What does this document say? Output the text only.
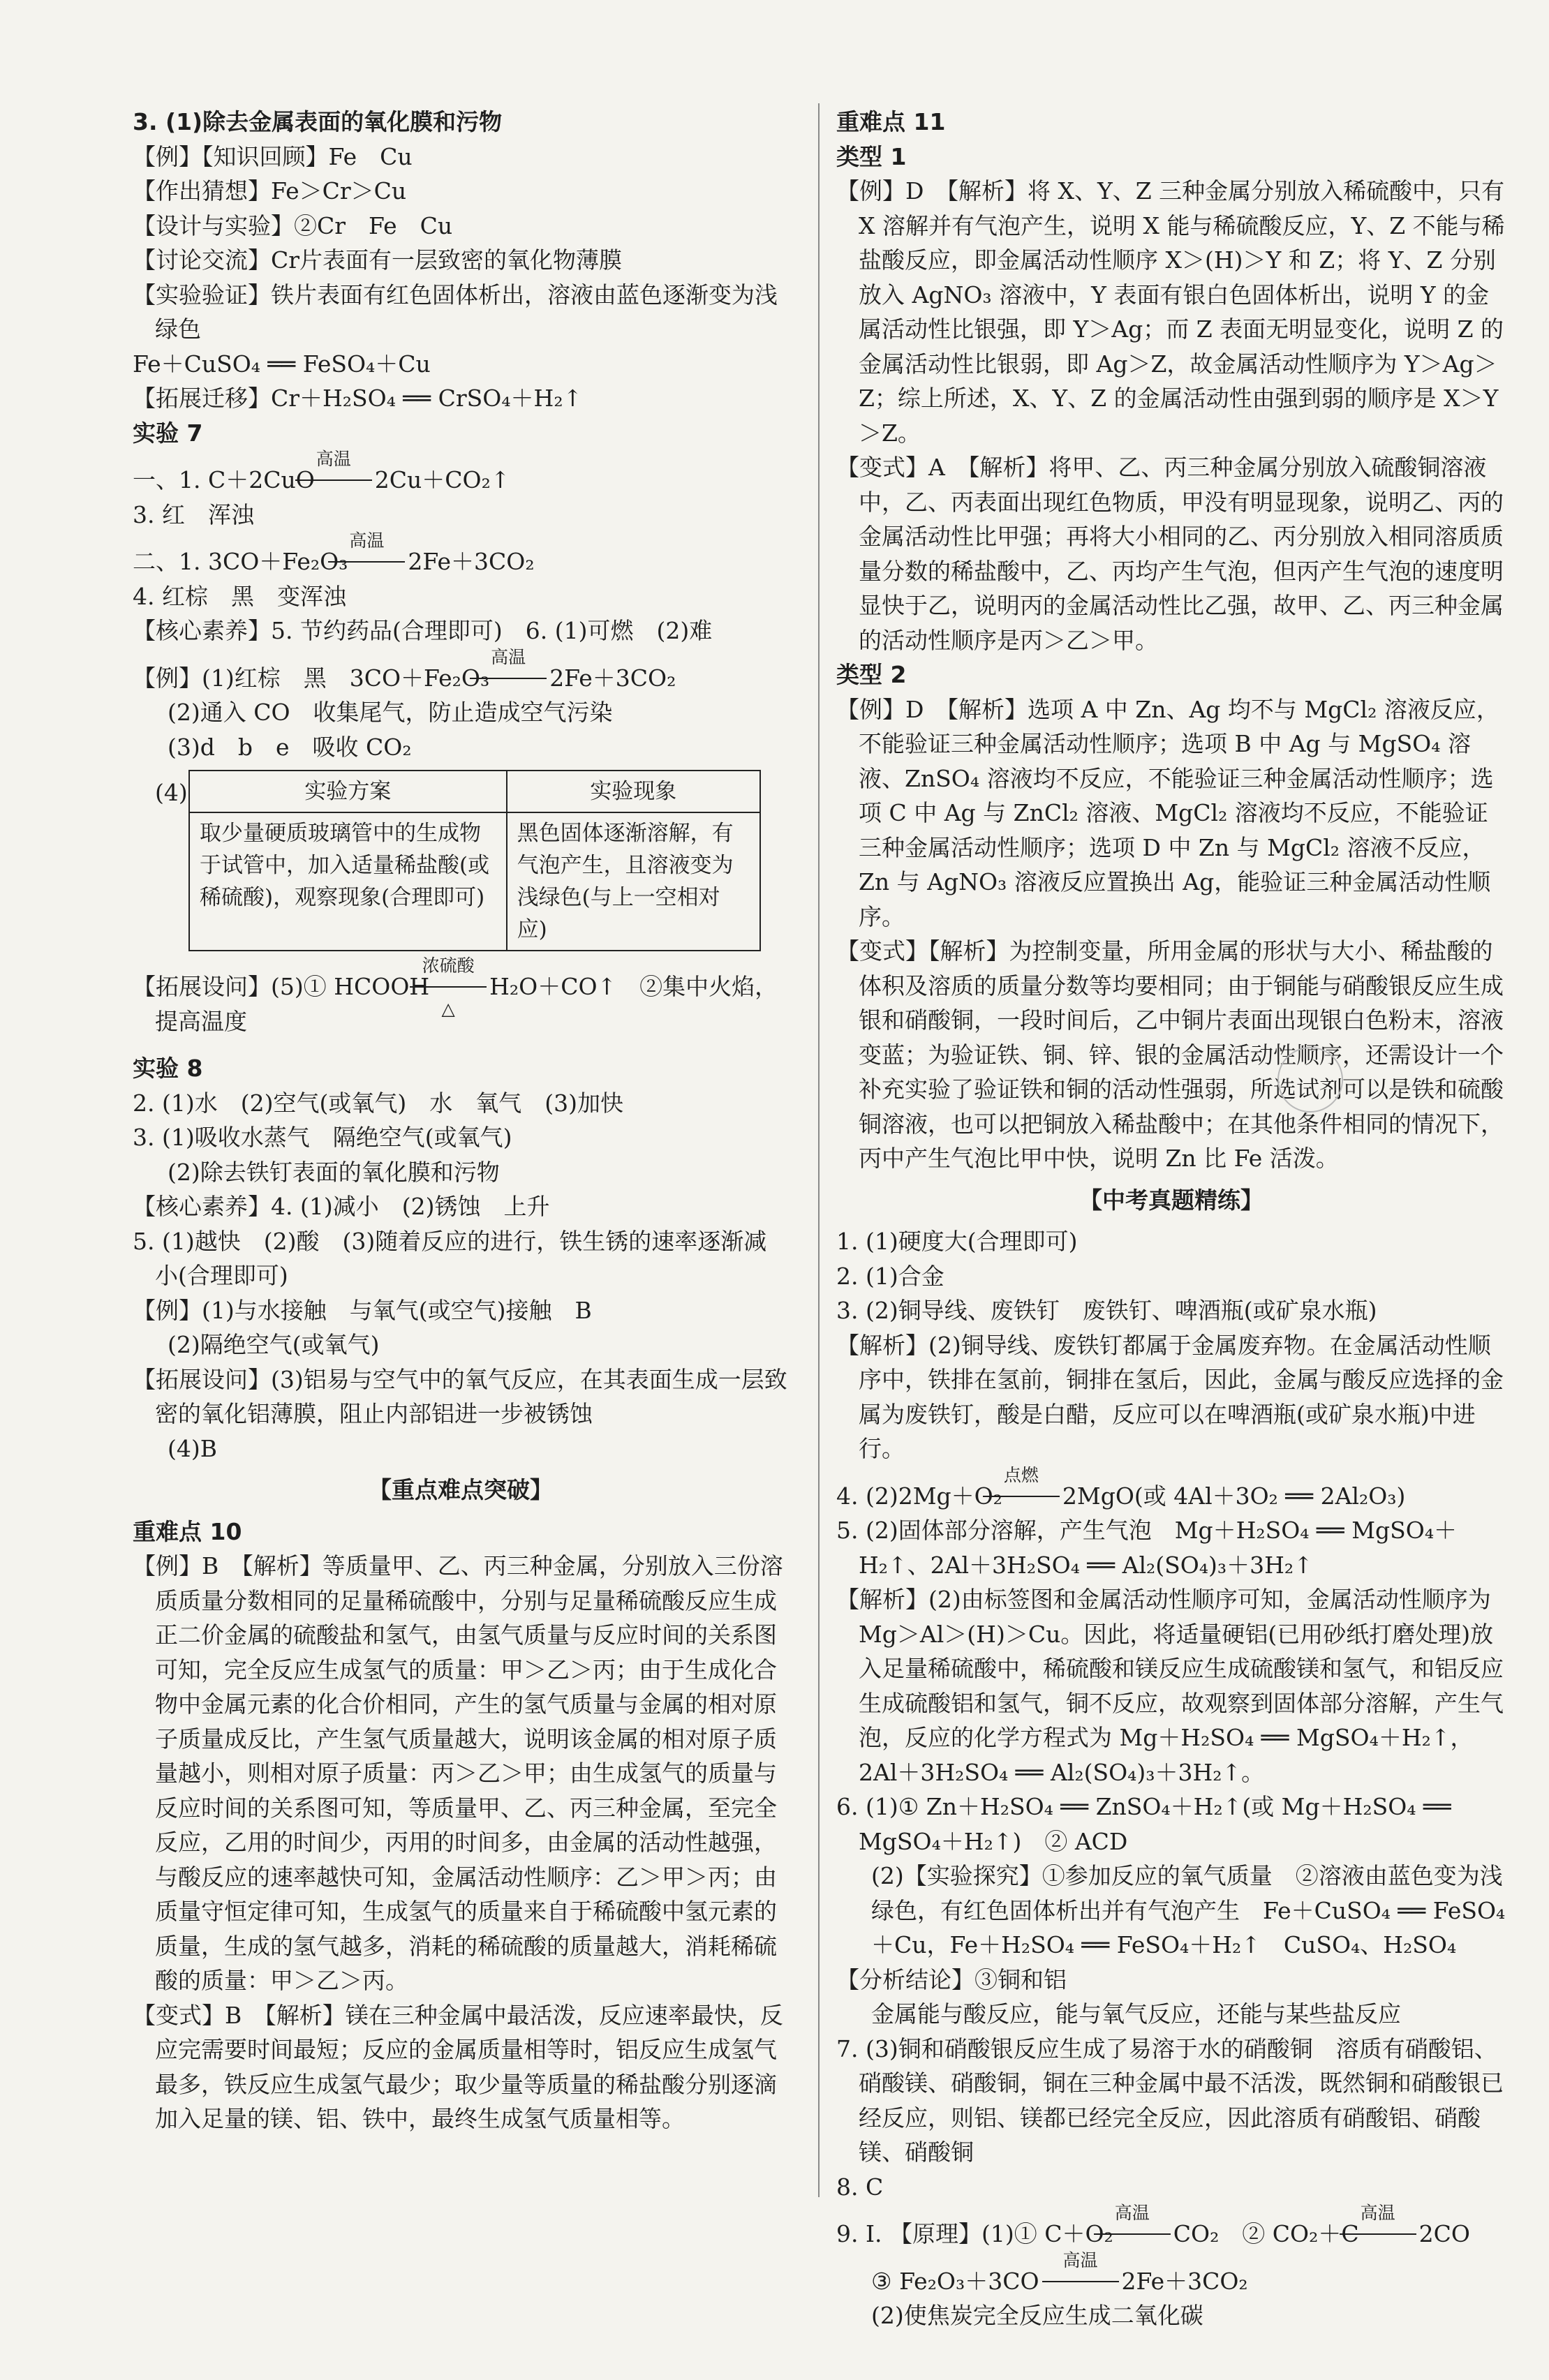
3. (1)除去金属表面的氧化膜和污物

【例】【知识回顾】Fe　Cu

【作出猜想】Fe＞Cr＞Cu

【设计与实验】②Cr　Fe　Cu

【讨论交流】Cr片表面有一层致密的氧化物薄膜

【实验验证】铁片表面有红色固体析出，溶液由蓝色逐渐变为浅绿色

Fe＋CuSO₄ ══ FeSO₄＋Cu

【拓展迁移】Cr＋H₂SO₄ ══ CrSO₄＋H₂↑

实验 7

一、1. C＋2CuO
高温
2Cu＋CO₂↑

3. 红　浑浊

二、1. 3CO＋Fe₂O₃
高温
2Fe＋3CO₂

4. 红棕　黑　变浑浊

【核心素养】5. 节约药品(合理即可)　6. (1)可燃　(2)难

【例】(1)红棕　黑　3CO＋Fe₂O₃
高温
2Fe＋3CO₂

(2)通入 CO　收集尾气，防止造成空气污染

(3)d　b　e　吸收 CO₂

(4)	实验方案	实验现象
取少量硬质玻璃管中的生成物于试管中，加入适量稀盐酸(或稀硫酸)，观察现象(合理即可)	黑色固体逐渐溶解，有气泡产生，且溶液变为浅绿色(与上一空相对应)

【拓展设问】(5)① HCOOH
浓硫酸
△
H₂O＋CO↑　②集中火焰，提高温度

实验 8

2. (1)水　(2)空气(或氧气)　水　氧气　(3)加快

3. (1)吸收水蒸气　隔绝空气(或氧气)

(2)除去铁钉表面的氧化膜和污物

【核心素养】4. (1)减小　(2)锈蚀　上升

5. (1)越快　(2)酸　(3)随着反应的进行，铁生锈的速率逐渐减小(合理即可)

【例】(1)与水接触　与氧气(或空气)接触　B

(2)隔绝空气(或氧气)

【拓展设问】(3)铝易与空气中的氧气反应，在其表面生成一层致密的氧化铝薄膜，阻止内部铝进一步被锈蚀

(4)B

【重点难点突破】

重难点 10

【例】B　【解析】等质量甲、乙、丙三种金属，分别放入三份溶质质量分数相同的足量稀硫酸中，分别与足量稀硫酸反应生成正二价金属的硫酸盐和氢气，由氢气质量与反应时间的关系图可知，完全反应生成氢气的质量：甲＞乙＞丙；由于生成化合物中金属元素的化合价相同，产生的氢气质量与金属的相对原子质量成反比，产生氢气质量越大，说明该金属的相对原子质量越小，则相对原子质量：丙＞乙＞甲；由生成氢气的质量与反应时间的关系图可知，等质量甲、乙、丙三种金属，至完全反应，乙用的时间少，丙用的时间多，由金属的活动性越强，与酸反应的速率越快可知，金属活动性顺序：乙＞甲＞丙；由质量守恒定律可知，生成氢气的质量来自于稀硫酸中氢元素的质量，生成的氢气越多，消耗的稀硫酸的质量越大，消耗稀硫酸的质量：甲＞乙＞丙。

【变式】B　【解析】镁在三种金属中最活泼，反应速率最快，反应完需要时间最短；反应的金属质量相等时，铝反应生成氢气最多，铁反应生成氢气最少；取少量等质量的稀盐酸分别逐滴加入足量的镁、铝、铁中，最终生成氢气质量相等。

重难点 11

类型 1

【例】D　【解析】将 X、Y、Z 三种金属分别放入稀硫酸中，只有 X 溶解并有气泡产生，说明 X 能与稀硫酸反应，Y、Z 不能与稀盐酸反应，即金属活动性顺序 X＞(H)＞Y 和 Z；将 Y、Z 分别放入 AgNO₃ 溶液中，Y 表面有银白色固体析出，说明 Y 的金属活动性比银强，即 Y＞Ag；而 Z 表面无明显变化，说明 Z 的金属活动性比银弱，即 Ag＞Z，故金属活动性顺序为 Y＞Ag＞Z；综上所述，X、Y、Z 的金属活动性由强到弱的顺序是 X＞Y＞Z。

【变式】A　【解析】将甲、乙、丙三种金属分别放入硫酸铜溶液中，乙、丙表面出现红色物质，甲没有明显现象，说明乙、丙的金属活动性比甲强；再将大小相同的乙、丙分别放入相同溶质质量分数的稀盐酸中，乙、丙均产生气泡，但丙产生气泡的速度明显快于乙，说明丙的金属活动性比乙强，故甲、乙、丙三种金属的活动性顺序是丙＞乙＞甲。

类型 2

【例】D　【解析】选项 A 中 Zn、Ag 均不与 MgCl₂ 溶液反应，不能验证三种金属活动性顺序；选项 B 中 Ag 与 MgSO₄ 溶液、ZnSO₄ 溶液均不反应，不能验证三种金属活动性顺序；选项 C 中 Ag 与 ZnCl₂ 溶液、MgCl₂ 溶液均不反应，不能验证三种金属活动性顺序；选项 D 中 Zn 与 MgCl₂ 溶液不反应，Zn 与 AgNO₃ 溶液反应置换出 Ag，能验证三种金属活动性顺序。

【变式】【解析】为控制变量，所用金属的形状与大小、稀盐酸的体积及溶质的质量分数等均要相同；由于铜能与硝酸银反应生成银和硝酸铜，一段时间后，乙中铜片表面出现银白色粉末，溶液变蓝；为验证铁、铜、锌、银的金属活动性顺序，还需设计一个补充实验了验证铁和铜的活动性强弱，所选试剂可以是铁和硫酸铜溶液，也可以把铜放入稀盐酸中；在其他条件相同的情况下，丙中产生气泡比甲中快，说明 Zn 比 Fe 活泼。

【中考真题精练】

1. (1)硬度大(合理即可)

2. (1)合金

3. (2)铜导线、废铁钉　废铁钉、啤酒瓶(或矿泉水瓶)

【解析】(2)铜导线、废铁钉都属于金属废弃物。在金属活动性顺序中，铁排在氢前，铜排在氢后，因此，金属与酸反应选择的金属为废铁钉，酸是白醋，反应可以在啤酒瓶(或矿泉水瓶)中进行。

4. (2)2Mg＋O₂
点燃
2MgO(或 4Al＋3O₂ ══ 2Al₂O₃)

5. (2)固体部分溶解，产生气泡　Mg＋H₂SO₄ ══ MgSO₄＋H₂↑、2Al＋3H₂SO₄ ══ Al₂(SO₄)₃＋3H₂↑

【解析】(2)由标签图和金属活动性顺序可知，金属活动性顺序为 Mg＞Al＞(H)＞Cu。因此，将适量硬铝(已用砂纸打磨处理)放入足量稀硫酸中，稀硫酸和镁反应生成硫酸镁和氢气，和铝反应生成硫酸铝和氢气，铜不反应，故观察到固体部分溶解，产生气泡，反应的化学方程式为 Mg＋H₂SO₄ ══ MgSO₄＋H₂↑，2Al＋3H₂SO₄ ══ Al₂(SO₄)₃＋3H₂↑。

6. (1)① Zn＋H₂SO₄ ══ ZnSO₄＋H₂↑(或 Mg＋H₂SO₄ ══ MgSO₄＋H₂↑)　② ACD

(2)【实验探究】①参加反应的氧气质量　②溶液由蓝色变为浅绿色，有红色固体析出并有气泡产生　Fe＋CuSO₄ ══ FeSO₄＋Cu，Fe＋H₂SO₄ ══ FeSO₄＋H₂↑　CuSO₄、H₂SO₄

【分析结论】③铜和铝

金属能与酸反应，能与氧气反应，还能与某些盐反应

7. (3)铜和硝酸银反应生成了易溶于水的硝酸铜　溶质有硝酸铝、硝酸镁、硝酸铜，铜在三种金属中最不活泼，既然铜和硝酸银已经反应，则铝、镁都已经完全反应，因此溶质有硝酸铝、硝酸镁、硝酸铜

8. C

9. Ⅰ. 【原理】(1)① C＋O₂
高温
CO₂　② CO₂＋C
高温
2CO

③ Fe₂O₃＋3CO
高温
2Fe＋3CO₂

(2)使焦炭完全反应生成二氧化碳
